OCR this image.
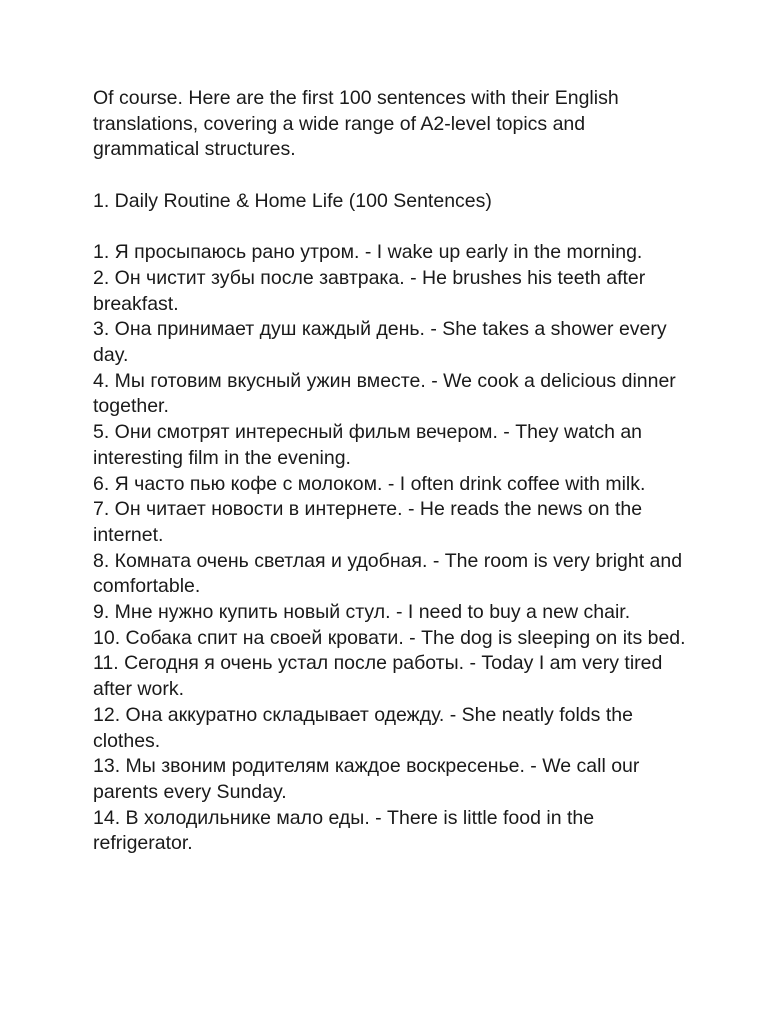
Of course. Here are the first 100 sentences with their English translations, covering a wide range of A2-level topics and grammatical structures.

1. Daily Routine & Home Life (100 Sentences)

1. Я просыпаюсь рано утром. - I wake up early in the morning.
2. Он чистит зубы после завтрака. - He brushes his teeth after breakfast.
3. Она принимает душ каждый день. - She takes a shower every day.
4. Мы готовим вкусный ужин вместе. - We cook a delicious dinner together.
5. Они смотрят интересный фильм вечером. - They watch an interesting film in the evening.
6. Я часто пью кофе с молоком. - I often drink coffee with milk.
7. Он читает новости в интернете. - He reads the news on the internet.
8. Комната очень светлая и удобная. - The room is very bright and comfortable.
9. Мне нужно купить новый стул. - I need to buy a new chair.
10. Собака спит на своей кровати. - The dog is sleeping on its bed.
11. Сегодня я очень устал после работы. - Today I am very tired after work.
12. Она аккуратно складывает одежду. - She neatly folds the clothes.
13. Мы звоним родителям каждое воскресенье. - We call our parents every Sunday.
14. В холодильнике мало еды. - There is little food in the refrigerator.
